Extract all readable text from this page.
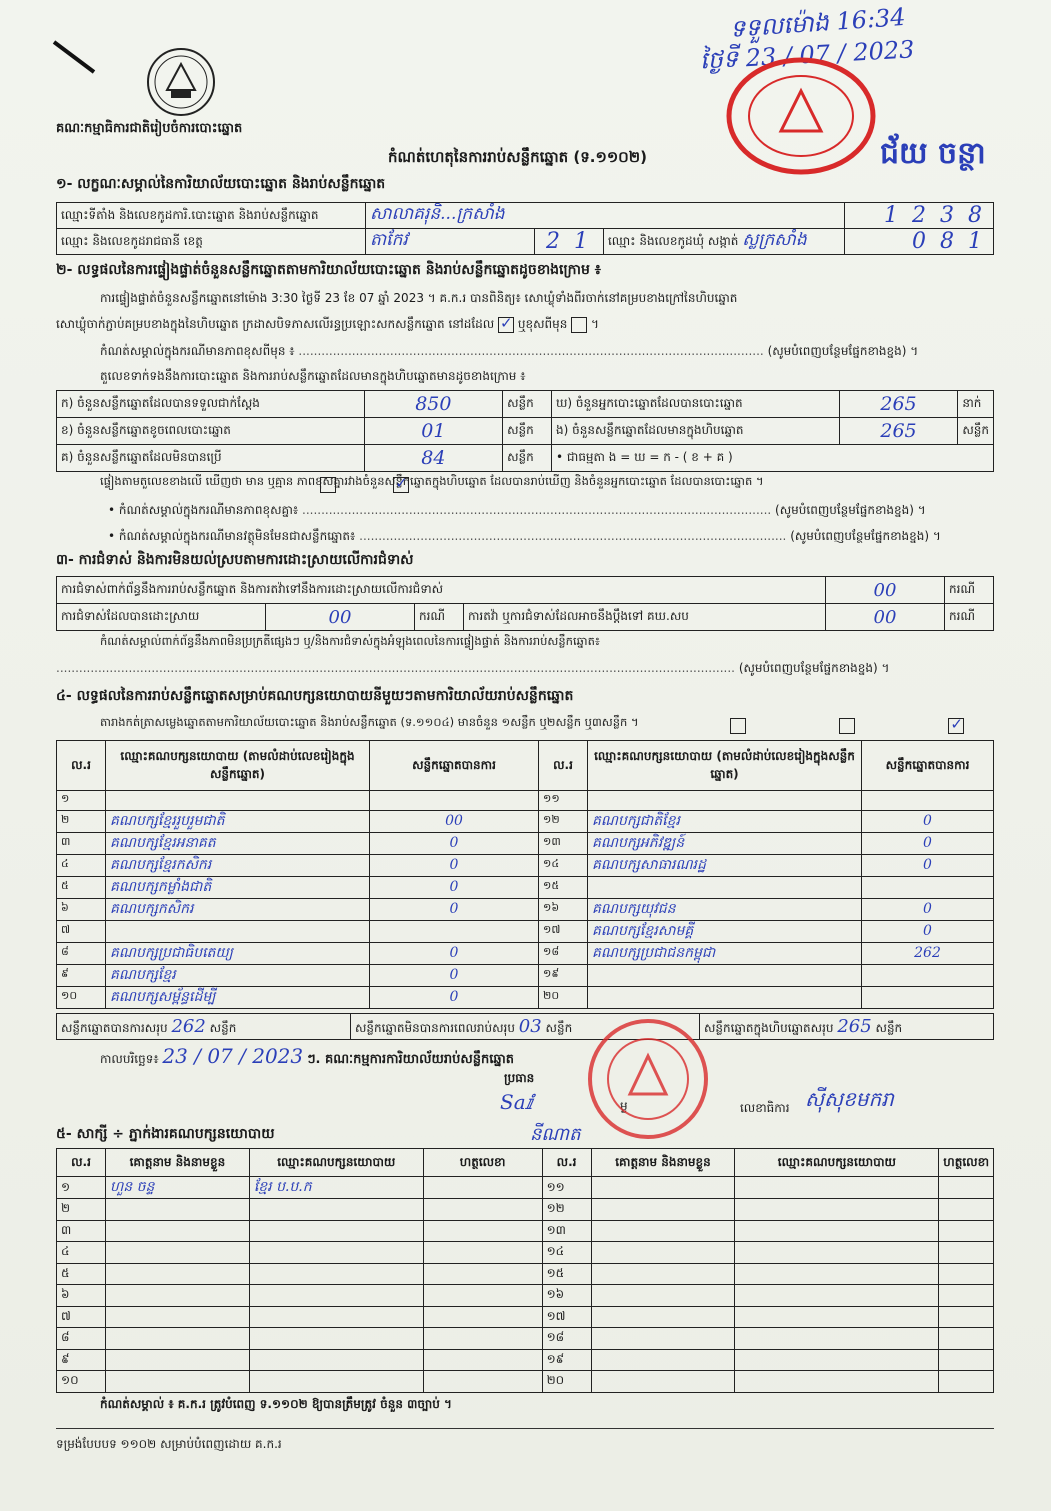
គណៈកម្មាធិការជាតិរៀបចំការបោះឆ្នោត
កំណត់ហេតុនៃការរាប់សន្លឹកឆ្នោត (ទ.១១០២)
ទទួលម៉ោង 16:34
ថ្ងៃទី 23 / 07 / 2023
ជ័យ ចន្ថា
១- លក្ខណៈសម្គាល់នៃការិយាល័យបោះឆ្នោត និងរាប់សន្លឹកឆ្នោត
ឈ្មោះទីតាំង និងលេខកូដការិ.បោះឆ្នោត និងរាប់សន្លឹកឆ្នោត	សាលាគរុនិ...ក្រសាំង			1 2 3 8
ឈ្មោះ និងលេខកូដរាជធានី ខេត្ត	តាកែវ	2 1	ឈ្មោះ និងលេខកូដឃុំ សង្កាត់ ស្លក្រសាំង	0 8 1
២- លទ្ធផលនៃការផ្ទៀងផ្ទាត់ចំនួនសន្លឹកឆ្នោតតាមការិយាល័យបោះឆ្នោត និងរាប់សន្លឹកឆ្នោតដូចខាងក្រោម ៖
ការផ្ទៀងផ្ទាត់ចំនួនសន្លឹកឆ្នោតនៅម៉ោង 3:30 ថ្ងៃទី 23 ខែ 07 ឆ្នាំ 2023 ។ គ.ក.រ បានពិនិត្យ៖ សោឃ្លុំទាំងពីរចាក់នៅគម្របខាងក្រៅនៃហិបឆ្នោត
សោឃ្លុំចាក់ភ្ជាប់គម្របខាងក្នុងនៃហិបឆ្នោត ក្រដាសបិទភាសលើរន្ធប្រឡោះសកសន្លឹកឆ្នោត នៅដដែល ✓ ឬខុសពីមុន  ។
កំណត់សម្គាល់ក្នុងករណីមានភាពខុសពីមុន ៖ .......................................................................................................................... (សូមបំពេញបន្ថែមផ្នែកខាងខ្នង) ។
តួលេខទាក់ទងនឹងការបោះឆ្នោត និងការរាប់សន្លឹកឆ្នោតដែលមានក្នុងហិបឆ្នោតមានដូចខាងក្រោម ៖
ក) ចំនួនសន្លឹកឆ្នោតដែលបានទទួលជាក់ស្ដែង	850	សន្លឹក	ឃ) ចំនួនអ្នកបោះឆ្នោតដែលបានបោះឆ្នោត	265	នាក់
ខ) ចំនួនសន្លឹកឆ្នោតខូចពេលបោះឆ្នោត	01	សន្លឹក	ង) ចំនួនសន្លឹកឆ្នោតដែលមានក្នុងហិបឆ្នោត	265	សន្លឹក
គ) ចំនួនសន្លឹកឆ្នោតដែលមិនបានប្រើ	84	សន្លឹក	• ជាធម្មតា ង = ឃ = ក - ( ខ + គ )		
ផ្ទៀងតាមតួលេខខាងលើ ឃើញថា មាន ឬគ្មាន ភាពខុសគ្នារវាងចំនួនសន្លឹកឆ្នោតក្នុងហិបឆ្នោត ដែលបានរាប់ឃើញ និងចំនួនអ្នកបោះឆ្នោត ដែលបានបោះឆ្នោត ។
✓
• កំណត់សម្គាល់ក្នុងករណីមានភាពខុសគ្នា៖ ........................................................................................................................... (សូមបំពេញបន្ថែមផ្នែកខាងខ្នង) ។
• កំណត់សម្គាល់ក្នុងករណីមានវត្ថុមិនមែនជាសន្លឹកឆ្នោត៖ ................................................................................................................ (សូមបំពេញបន្ថែមផ្នែកខាងខ្នង) ។
៣- ការជំទាស់ និងការមិនយល់ស្របតាមការដោះស្រាយលើការជំទាស់
ការជំទាស់ពាក់ព័ន្ធនឹងការរាប់សន្លឹកឆ្នោត និងការតវ៉ាទៅនឹងការដោះស្រាយលើការជំទាស់				00	ករណី
ការជំទាស់ដែលបានដោះស្រាយ	00	ករណី	ការតវ៉ា ឬការជំទាស់ដែលអាចនឹងប្ដឹងទៅ គឃ.សប	00	ករណី
កំណត់សម្គាល់ពាក់ព័ន្ធនឹងភាពមិនប្រក្រតីផ្សេងៗ ឬ/និងការជំទាស់ក្នុងអំឡុងពេលនៃការផ្ទៀងផ្ទាត់ និងការរាប់សន្លឹកឆ្នោត៖
.................................................................................................................................................................................. (សូមបំពេញបន្ថែមផ្នែកខាងខ្នង) ។
៤- លទ្ធផលនៃការរាប់សន្លឹកឆ្នោតសម្រាប់គណបក្សនយោបាយនីមួយៗតាមការិយាល័យរាប់សន្លឹកឆ្នោត
តារាងកត់ត្រាសម្លេងឆ្នោតតាមការិយាល័យបោះឆ្នោត និងរាប់សន្លឹកឆ្នោត (ទ.១១០៤) មានចំនួន ១សន្លឹក ឬ២សន្លឹក ឬ៣សន្លឹក ។
✓
ល.រ	ឈ្មោះគណបក្សនយោបាយ (តាមលំដាប់លេខរៀងក្នុងសន្លឹកឆ្នោត)	សន្លឹកឆ្នោតបានការ	ល.រ	ឈ្មោះគណបក្សនយោបាយ (តាមលំដាប់លេខរៀងក្នុងសន្លឹកឆ្នោត)	សន្លឹកឆ្នោតបានការ
១			១១		
២	គណបក្សខ្មែររួបរួមជាតិ	00	១២	គណបក្សជាតិខ្មែរ	0
៣	គណបក្សខ្មែរអនាគត	0	១៣	គណបក្សអភិវឌ្ឍន៍	0
៤	គណបក្សខ្មែរកសិករ	0	១៤	គណបក្សសាធារណរដ្ឋ	0
៥	គណបក្សកម្លាំងជាតិ	0	១៥		
៦	គណបក្សកសិករ	0	១៦	គណបក្សយុវជន	0
៧			១៧	គណបក្សខ្មែរសាមគ្គី	0
៨	គណបក្សប្រជាធិបតេយ្យ	0	១៨	គណបក្សប្រជាជនកម្ពុជា	262
៩	គណបក្សខ្មែរ	0	១៩		
១០	គណបក្សសម្ព័ន្ធដើម្បី	0	២០		
សន្លឹកឆ្នោតបានការសរុប 262 សន្លឹក	សន្លឹកឆ្នោតមិនបានការពេលរាប់សរុប 03 សន្លឹក	សន្លឹកឆ្នោតក្នុងហិបឆ្នោតសរុប 265 សន្លឹក
កាលបរិច្ឆេទ៖ 23 / 07 / 2023 ៗ. គណៈកម្មការការិយាល័យរាប់សន្លឹកឆ្នោត
ប្រធាន
Saⅈ
នីណាត
ម្ង	លេខាធិការ ស៊ីសុខមករា
៥- សាក្សី ÷ ភ្នាក់ងារគណបក្សនយោបាយ
ល.រ	គោត្តនាម និងនាមខ្លួន	ឈ្មោះគណបក្សនយោបាយ	ហត្ថលេខា	ល.រ	គោត្តនាម និងនាមខ្លួន	ឈ្មោះគណបក្សនយោបាយ	ហត្ថលេខា
១	ហួន ចន្ទ	ខ្មែរ ប.ប.ក		១១			
២				១២			
៣				១៣			
៤				១៤			
៥				១៥			
៦				១៦			
៧				១៧			
៨				១៨			
៩				១៩			
១០				២០			
កំណត់សម្គាល់ ៖ គ.ក.រ ត្រូវបំពេញ ទ.១១០២ ឱ្យបានត្រឹមត្រូវ ចំនួន ៣ច្បាប់ ។
ទម្រង់បែបបទ ១១០២ សម្រាប់បំពេញដោយ គ.ក.រ
